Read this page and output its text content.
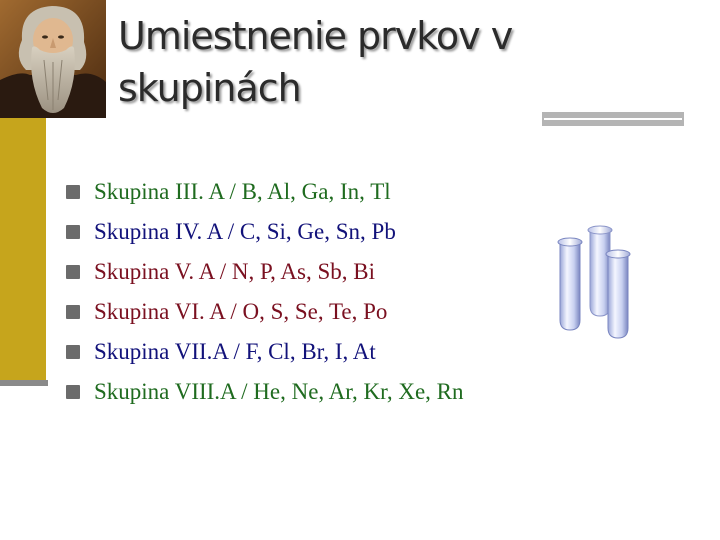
Umiestnenie prvkov v
skupinách
Skupina III. A / B, Al, Ga, In, Tl
Skupina IV. A / C, Si, Ge, Sn, Pb
Skupina V. A / N, P, As, Sb, Bi
Skupina VI. A / O, S, Se, Te, Po
Skupina VII.A / F, Cl, Br, I, At
Skupina VIII.A / He, Ne, Ar, Kr, Xe, Rn
